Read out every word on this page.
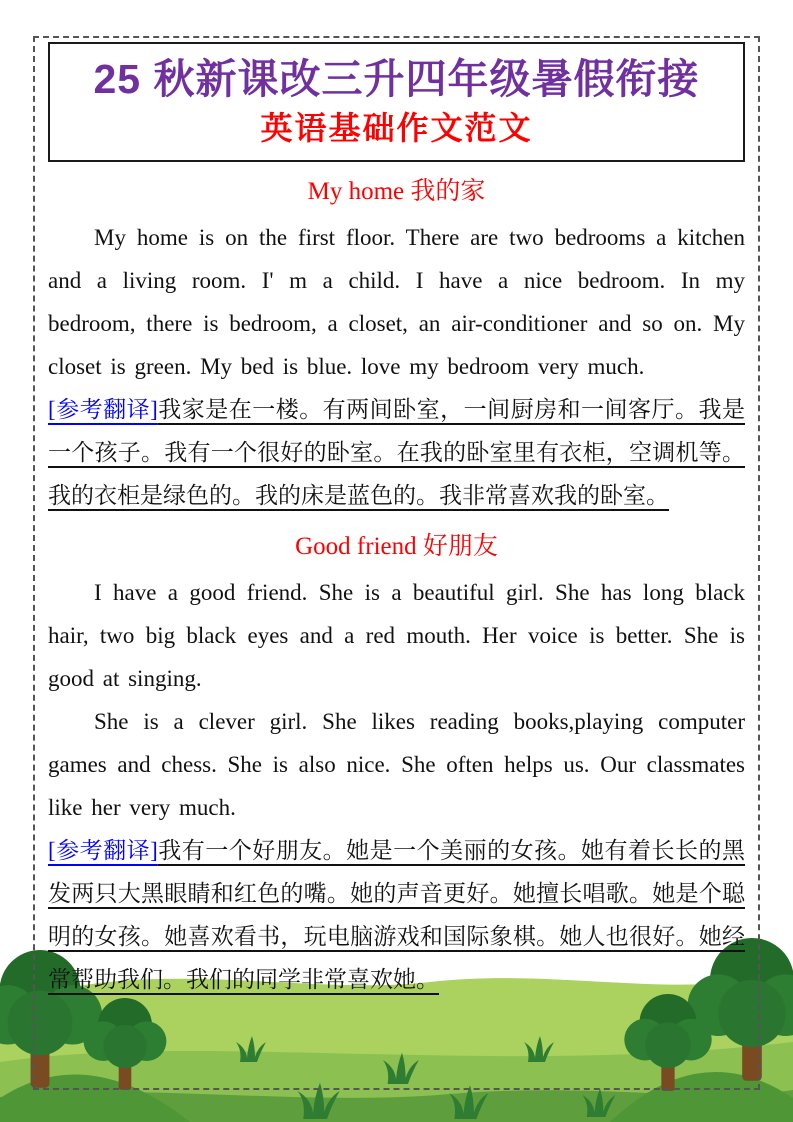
25 秋新课改三升四年级暑假衔接
英语基础作文范文
My home 我的家

My home is on the first floor. There are two bedrooms a kitchen and a living room. I' m a child. I have a nice bedroom. In my bedroom, there is bedroom, a closet, an air-conditioner and so on. My closet is green. My bed is blue. love my bedroom very much.

[参考翻译]我家是在一楼。有两间卧室，一间厨房和一间客厅。我是一个孩子。我有一个很好的卧室。在我的卧室里有衣柜，空调机等。我的衣柜是绿色的。我的床是蓝色的。我非常喜欢我的卧室。

Good friend 好朋友

I have a good friend. She is a beautiful girl. She has long black hair, two big black eyes and a red mouth. Her voice is better. She is good at singing.

She is a clever girl. She likes reading books,playing computer games and chess. She is also nice. She often helps us. Our classmates like her very much.

[参考翻译]我有一个好朋友。她是一个美丽的女孩。她有着长长的黑发两只大黑眼睛和红色的嘴。她的声音更好。她擅长唱歌。她是个聪明的女孩。她喜欢看书，玩电脑游戏和国际象棋。她人也很好。她经常帮助我们。我们的同学非常喜欢她。
